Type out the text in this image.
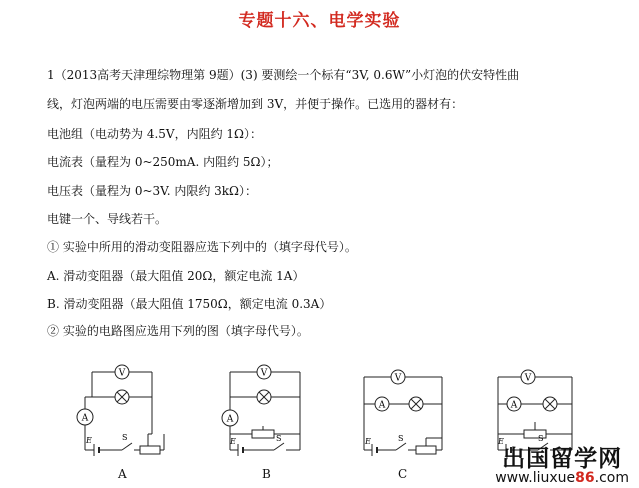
专题十六、电学实验
1（2013高考天津理综物理第 9题）(3) 要测绘一个标有“3V, 0.6W”小灯泡的伏安特性曲
线，灯泡两端的电压需要由零逐渐增加到 3V，并便于操作。已选用的器材有：
电池组（电动势为 4.5V，内阻约 1Ω）：
电流表（量程为 0~250mA. 内阻约 5Ω）；
电压表（量程为 0~3V. 内限约 3kΩ）：
电键一个、导线若干。
① 实验中所用的滑动变阻器应选下列中的（填字母代号）。
A. 滑动变阻器（最大阻值 20Ω，额定电流 1A）
B. 滑动变阻器（最大阻值 1750Ω，额定电流 0.3A）
② 实验的电路图应选用下列的图（填字母代号）。
V
A
E	S
V
A
E	S
V
A
E	S
V
A
E	S
A	B	C
出国留学网
www.liuxue86.com
